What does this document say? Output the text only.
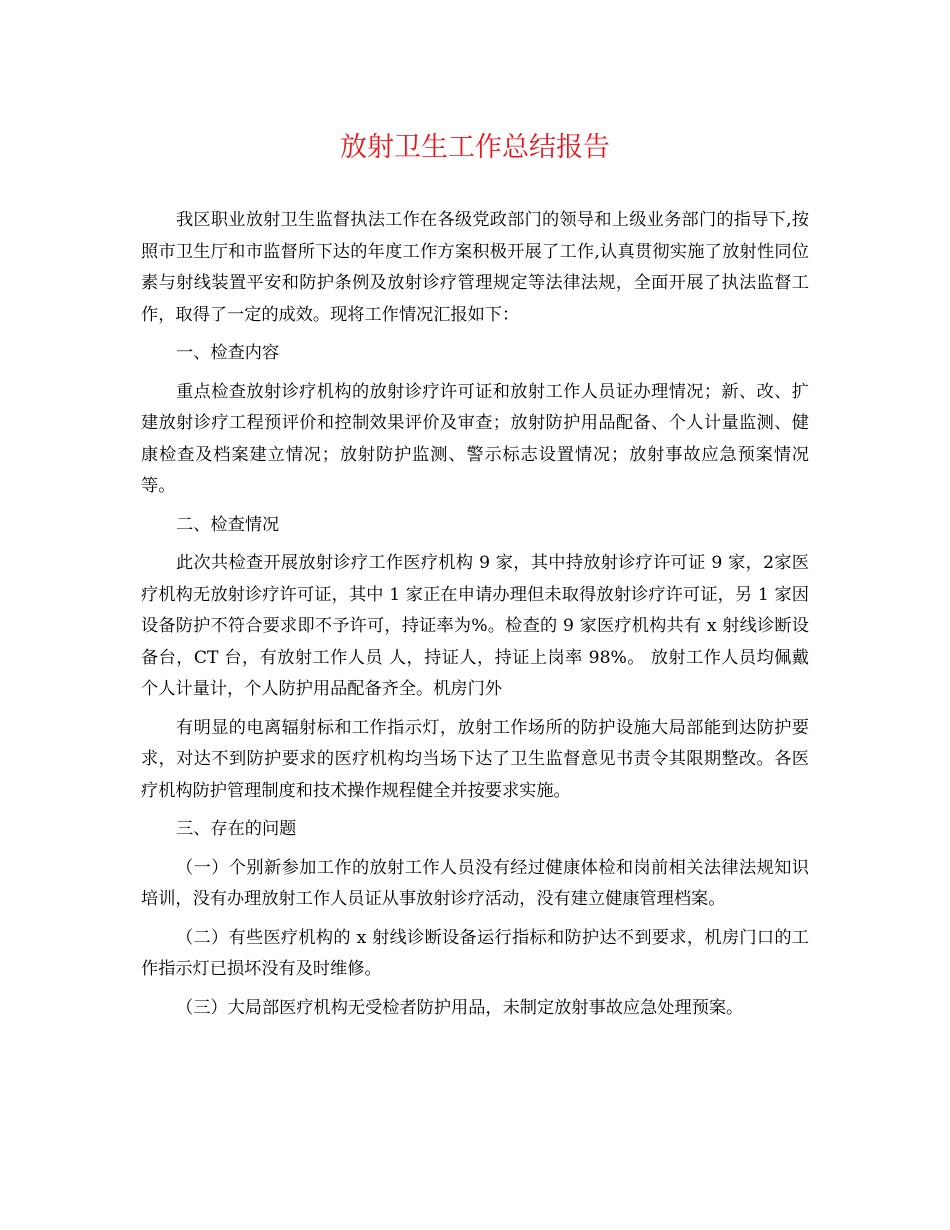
放射卫生工作总结报告

我区职业放射卫生监督执法工作在各级党政部门的领导和上级业务部门的指导下,按照市卫生厅和市监督所下达的年度工作方案积极开展了工作,认真贯彻实施了放射性同位素与射线装置平安和防护条例及放射诊疗管理规定等法律法规，全面开展了执法监督工作，取得了一定的成效。现将工作情况汇报如下：

一、检查内容

重点检查放射诊疗机构的放射诊疗许可证和放射工作人员证办理情况；新、改、扩建放射诊疗工程预评价和控制效果评价及审查；放射防护用品配备、个人计量监测、健康检查及档案建立情况；放射防护监测、警示标志设置情况；放射事故应急预案情况等。

二、检查情况

此次共检查开展放射诊疗工作医疗机构 9 家，其中持放射诊疗许可证 9 家，2家医疗机构无放射诊疗许可证，其中 1 家正在申请办理但未取得放射诊疗许可证，另 1 家因设备防护不符合要求即不予许可，持证率为%。检查的 9 家医疗机构共有 x 射线诊断设备台，CT 台，有放射工作人员 人，持证人，持证上岗率 98%。 放射工作人员均佩戴个人计量计，个人防护用品配备齐全。机房门外

有明显的电离辐射标和工作指示灯，放射工作场所的防护设施大局部能到达防护要求，对达不到防护要求的医疗机构均当场下达了卫生监督意见书责令其限期整改。各医疗机构防护管理制度和技术操作规程健全并按要求实施。

三、存在的问题

（一）个别新参加工作的放射工作人员没有经过健康体检和岗前相关法律法规知识培训，没有办理放射工作人员证从事放射诊疗活动，没有建立健康管理档案。

（二）有些医疗机构的 x 射线诊断设备运行指标和防护达不到要求，机房门口的工作指示灯已损坏没有及时维修。

（三）大局部医疗机构无受检者防护用品，未制定放射事故应急处理预案。
